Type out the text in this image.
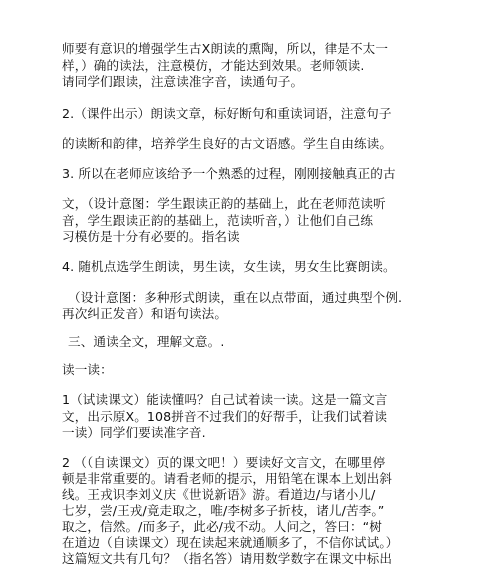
师要有意识的增强学生古X朗读的熏陶，所以，律是不太一
样，）确的读法，注意模仿，才能达到效果。老师领读.
请同学们跟读，注意读准字音，读通句子。
2.（课件出示）朗读文章，标好断句和重读词语，注意句子
的读断和韵律，培养学生良好的古文语感。学生自由练读。
3. 所以在老师应该给予一个熟悉的过程，刚刚接触真正的古
文，（设计意图：学生跟读正韵的基础上，此在老师范读听
音，学生跟读正韵的基础上，范读听音，）让他们自己练
习模仿是十分有必要的。指名读
4. 随机点选学生朗读，男生读，女生读，男女生比赛朗读。
（设计意图：多种形式朗读，重在以点带面，通过典型个例.
再次纠正发音）和语句读法。
三、通读全文，理解文意。.
读一读：
1（试读课文）能读懂吗？自己试着读一读。这是一篇文言
文，出示原X。108拼音不过我们的好帮手，让我们试着读
一读）同学们要读准字音.
2 （（自读课文）页的课文吧！）要读好文言文，在哪里停
顿是非常重要的。请看老师的提示，用铅笔在课本上划出斜
线。王戎识李刘义庆《世说新语》游。看道边/与诸小儿/
七岁，尝/王戎/竟走取之，唯/李树多子折枝，诸儿/苦李。”
取之，信然。/而多子，此必/戎不动。人问之，答曰：“树
在道边（自读课文）现在读起来就通顺多了，不信你试试。）
这篇短文共有几句？（指名答）请用数学数字在课文中标出
